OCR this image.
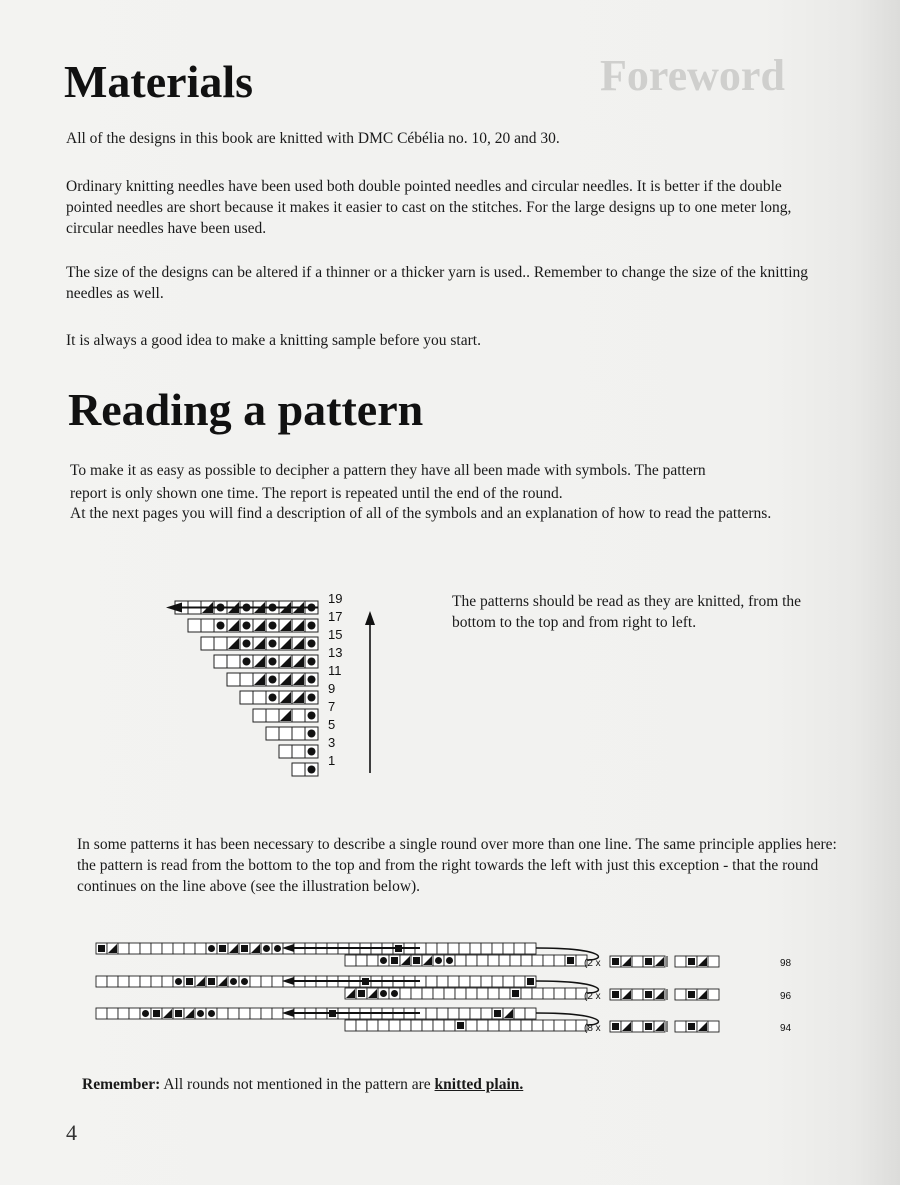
Foreword
Materials

All of the designs in this book are knitted with DMC Cébélia no. 10, 20 and 30.

Ordinary knitting needles have been used both double pointed needles and circular needles. It is better if the double pointed needles are short because it makes it easier to cast on the stitches. For the large designs up to one meter long, circular needles have been used.

The size of the designs can be altered if a thinner or a thicker yarn is used.. Remember to change the size of the knitting needles as well.

It is always a good idea to make a knitting sample before you start.

Reading a pattern

To make it as easy as possible to decipher a pattern they have all been made with symbols. The pattern

report is only shown one time. The report is repeated until the end of the round.

At the next pages you will find a description of all of the symbols and an explanation of how to read the patterns.

19
17
15
13
11
9
7
5
3
1

The patterns should be read as they are knitted, from the bottom to the top and from right to left.

In some patterns it has been necessary to describe a single round over more than one line. The same principle applies here: the pattern is read from the bottom to the top and from the right towards the left with just this exception - that the round continues on the line above (see the illustration below).

(2 x	98
(2 x	96
(8 x	94

Remember: All rounds not mentioned in the pattern are knitted plain.

4
